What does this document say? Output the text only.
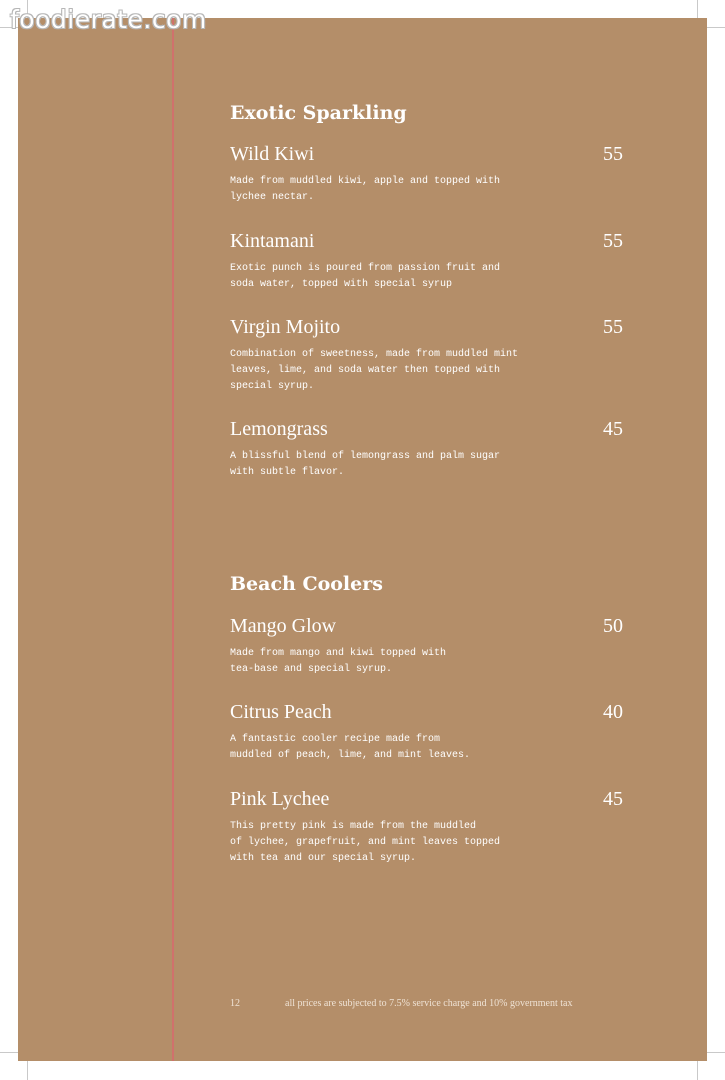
foodierate.com
Exotic Sparkling
Wild Kiwi	55
Made from muddled kiwi, apple and topped with
lychee nectar.
Kintamani	55
Exotic punch is poured from passion fruit and
soda water, topped with special syrup
Virgin Mojito	55
Combination of sweetness, made from muddled mint
leaves, lime, and soda water then topped with
special syrup.
Lemongrass	45
A blissful blend of lemongrass and palm sugar
with subtle flavor.
Beach Coolers
Mango Glow	50
Made from mango and kiwi topped with
tea-base and special syrup.
Citrus Peach	40
A fantastic cooler recipe made from
muddled of peach, lime, and mint leaves.
Pink Lychee	45
This pretty pink is made from the muddled
of lychee, grapefruit, and mint leaves topped
with tea and our special syrup.
12	all prices are subjected to 7.5% service charge and 10% government tax
